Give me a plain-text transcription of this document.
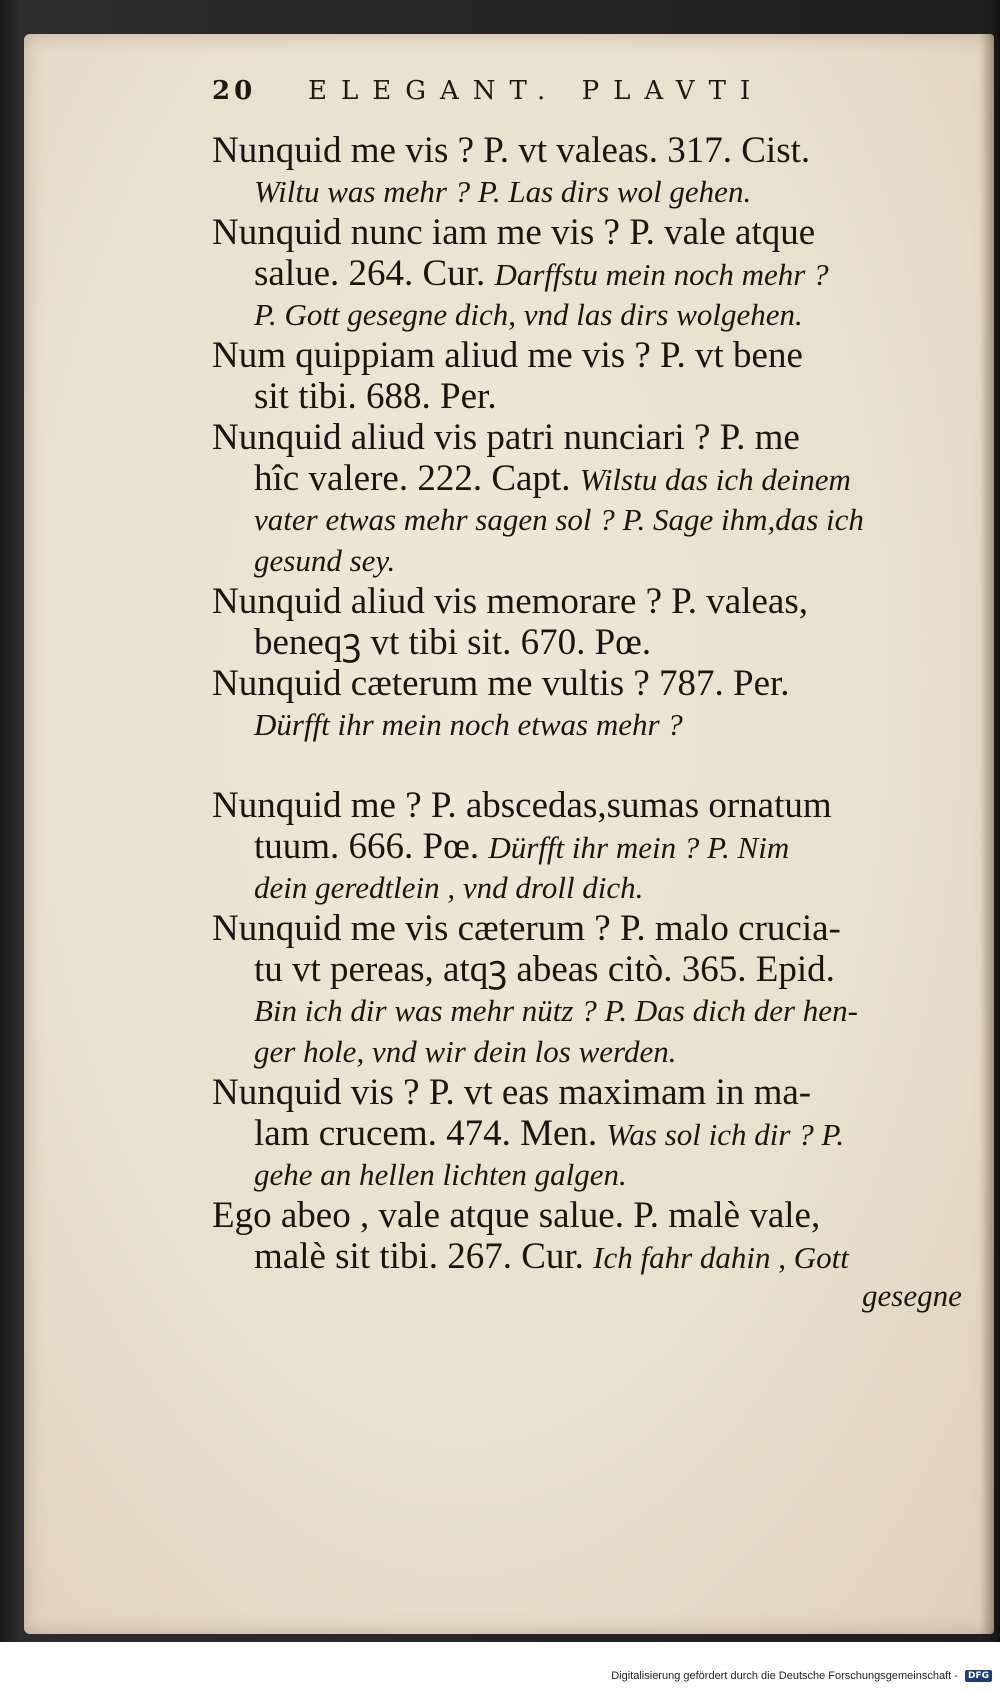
20 ELEGANT. PLAVTI
Nunquid me vis ? P. vt valeas. 317. Cist.
Wiltu was mehr ? P. Las dirs wol gehen.
Nunquid nunc iam me vis ? P. vale atque
salue. 264. Cur. Darffstu mein noch mehr ?
P. Gott gesegne dich, vnd las dirs wolgehen.
Num quippiam aliud me vis ? P. vt bene
sit tibi. 688. Per.
Nunquid aliud vis patri nunciari ? P. me
hîc valere. 222. Capt. Wilstu das ich deinem
vater etwas mehr sagen sol ? P. Sage ihm,das ich
gesund sey.
Nunquid aliud vis memorare ? P. valeas,
beneqꝫ vt tibi sit. 670. Pœ.
Nunquid cæterum me vultis ? 787. Per.
Dürfft ihr mein noch etwas mehr ?
Nunquid me ? P. abscedas,sumas ornatum
tuum. 666. Pœ. Dürfft ihr mein ? P. Nim
dein geredtlein , vnd droll dich.
Nunquid me vis cæterum ? P. malo crucia-
tu vt pereas, atqꝫ abeas citò. 365. Epid.
Bin ich dir was mehr nütz ? P. Das dich der hen-
ger hole, vnd wir dein los werden.
Nunquid vis ? P. vt eas maximam in ma-
lam crucem. 474. Men. Was sol ich dir ? P.
gehe an hellen lichten galgen.
Ego abeo , vale atque salue. P. malè vale,
malè sit tibi. 267. Cur. Ich fahr dahin , Gott
gesegne
Digitalisierung gefördert durch die Deutsche Forschungsgemeinschaft - DFG
